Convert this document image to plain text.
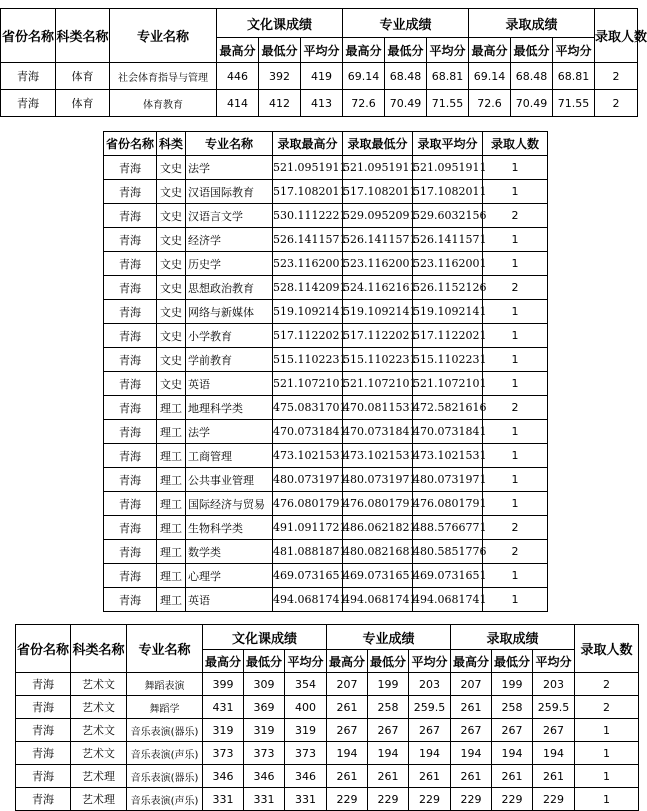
省份名称	科类名称	专业名称	文化课成绩			专业成绩			录取成绩			录取人数
			最高分	最低分	平均分	最高分	最低分	平均分	最高分	最低分	平均分	
青海	体育	社会体育指导与管理	446	392	419	69.14	68.48	68.81	69.14	68.48	68.81	2
青海	体育	体育教育	414	412	413	72.6	70.49	71.55	72.6	70.49	71.55	2
省份名称	科类	专业名称	录取最高分	录取最低分	录取平均分	录取人数
青海	文史	法学	521.0951911	521.0951911	521.0951911	1
青海	文史	汉语国际教育	517.1082011	517.1082011	517.1082011	1
青海	文史	汉语言文学	530.1112221	529.0952091	529.6032156	2
青海	文史	经济学	526.1411571	526.1411571	526.1411571	1
青海	文史	历史学	523.1162001	523.1162001	523.1162001	1
青海	文史	思想政治教育	528.1142091	524.1162161	526.1152126	2
青海	文史	网络与新媒体	519.1092141	519.1092141	519.1092141	1
青海	文史	小学教育	517.1122021	517.1122021	517.1122021	1
青海	文史	学前教育	515.1102231	515.1102231	515.1102231	1
青海	文史	英语	521.1072101	521.1072101	521.1072101	1
青海	理工	地理科学类	475.0831701	470.0811531	472.5821616	2
青海	理工	法学	470.0731841	470.0731841	470.0731841	1
青海	理工	工商管理	473.1021531	473.1021531	473.1021531	1
青海	理工	公共事业管理	480.0731971	480.0731971	480.0731971	1
青海	理工	国际经济与贸易	476.0801791	476.0801791	476.0801791	1
青海	理工	生物科学类	491.0911721	486.0621821	488.5766771	2
青海	理工	数学类	481.0881871	480.0821681	480.5851776	2
青海	理工	心理学	469.0731651	469.0731651	469.0731651	1
青海	理工	英语	494.0681741	494.0681741	494.0681741	1
省份名称	科类名称	专业名称	文化课成绩			专业成绩			录取成绩			录取人数
			最高分	最低分	平均分	最高分	最低分	平均分	最高分	最低分	平均分	
青海	艺术文	舞蹈表演	399	309	354	207	199	203	207	199	203	2
青海	艺术文	舞蹈学	431	369	400	261	258	259.5	261	258	259.5	2
青海	艺术文	音乐表演(器乐)	319	319	319	267	267	267	267	267	267	1
青海	艺术文	音乐表演(声乐)	373	373	373	194	194	194	194	194	194	1
青海	艺术理	音乐表演(器乐)	346	346	346	261	261	261	261	261	261	1
青海	艺术理	音乐表演(声乐)	331	331	331	229	229	229	229	229	229	1
